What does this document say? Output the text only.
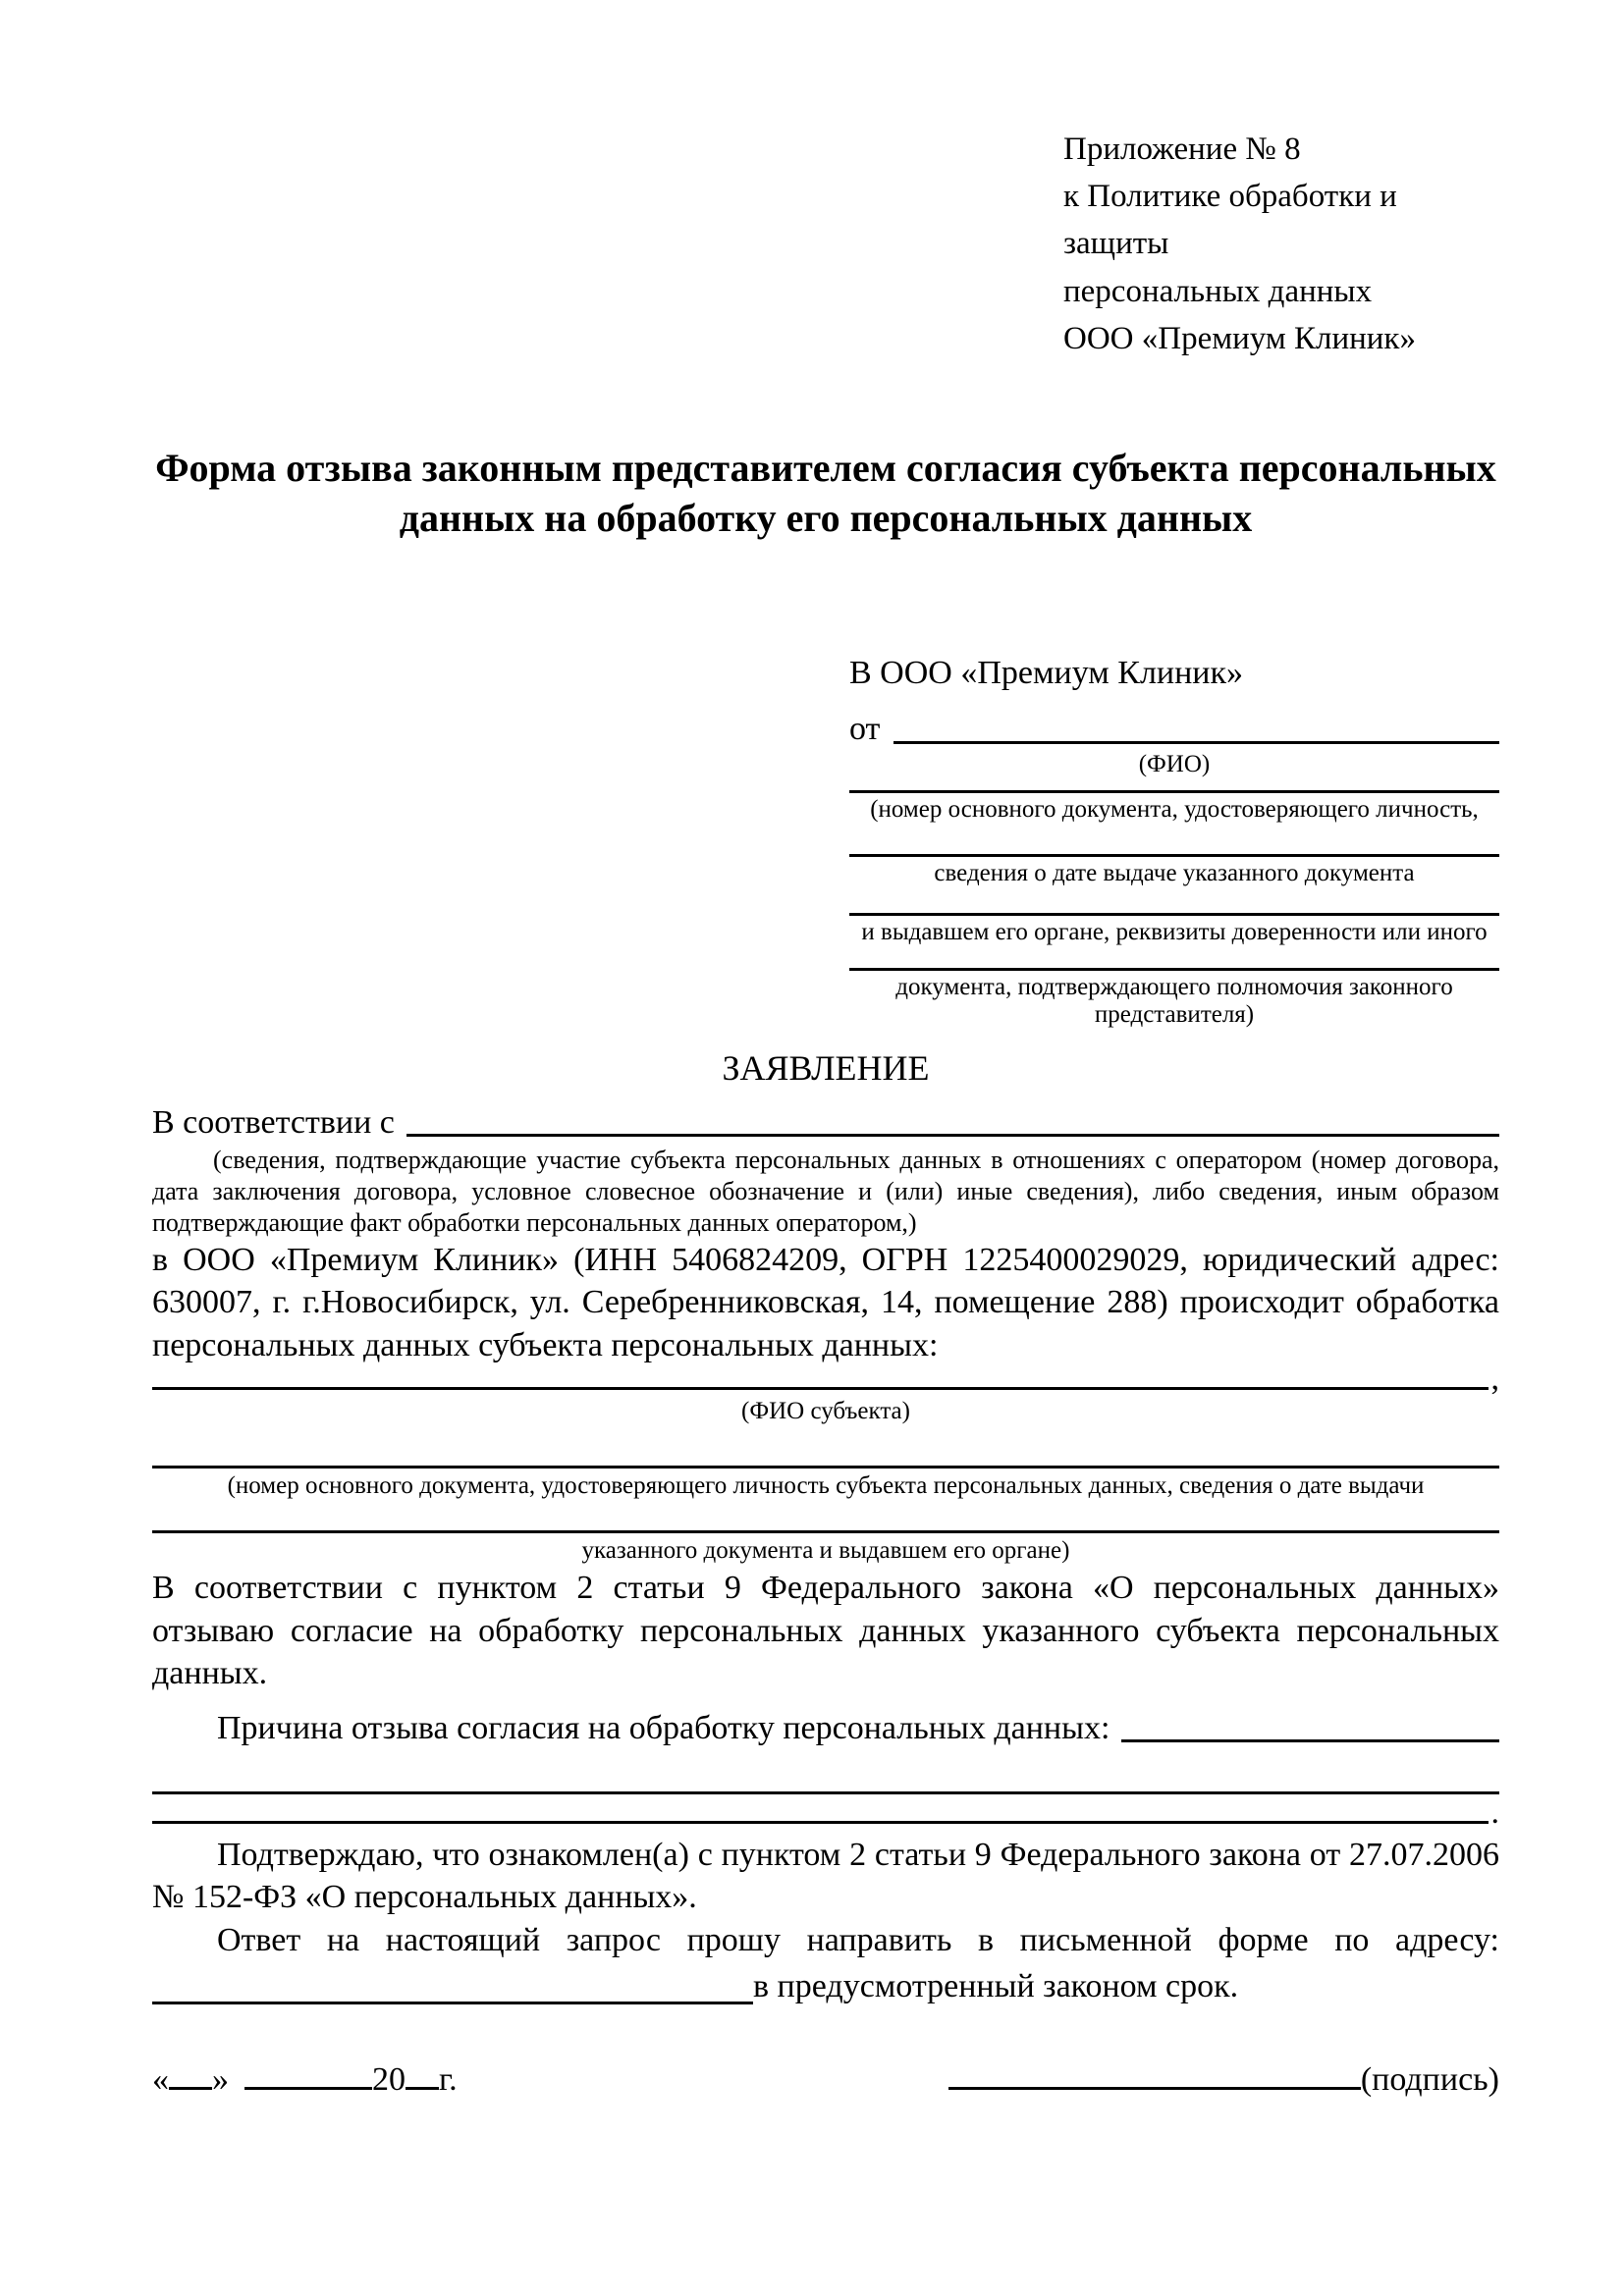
Приложение № 8
к Политике обработки и защиты
персональных данных
ООО «Премиум Клиник»
Форма отзыва законным представителем согласия субъекта персональных данных на обработку его персональных данных
В ООО «Премиум Клиник»
от
(ФИО)
(номер основного документа, удостоверяющего личность,
сведения о дате выдаче указанного документа
и выдавшем его органе, реквизиты доверенности или иного
документа, подтверждающего полномочия законного представителя)
ЗАЯВЛЕНИЕ
В соответствии с
(сведения, подтверждающие участие субъекта персональных данных в отношениях с оператором (номер договора, дата заключения договора, условное словесное обозначение и (или) иные сведения), либо сведения, иным образом подтверждающие факт обработки персональных данных оператором,)

в ООО «Премиум Клиник» (ИНН 5406824209, ОГРН 1225400029029, юридический адрес: 630007, г. г.Новосибирск, ул. Серебренниковская, 14, помещение 288) происходит обработка персональных данных субъекта персональных данных:

,
(ФИО субъекта)
(номер основного документа, удостоверяющего личность субъекта персональных данных, сведения о дате выдачи
указанного документа и выдавшем его органе)

В соответствии с пунктом 2 статьи 9 Федерального закона «О персональных данных» отзываю согласие на обработку персональных данных указанного субъекта персональных данных.

Причина отзыва согласия на обработку персональных данных:
.

Подтверждаю, что ознакомлен(а) с пунктом 2 статьи 9 Федерального закона от 27.07.2006 № 152-ФЗ «О персональных данных».

Ответ на настоящий запрос прошу направить в письменной форме по адресу:

в предусмотренный законом срок.
« »	20 г.	(подпись)
